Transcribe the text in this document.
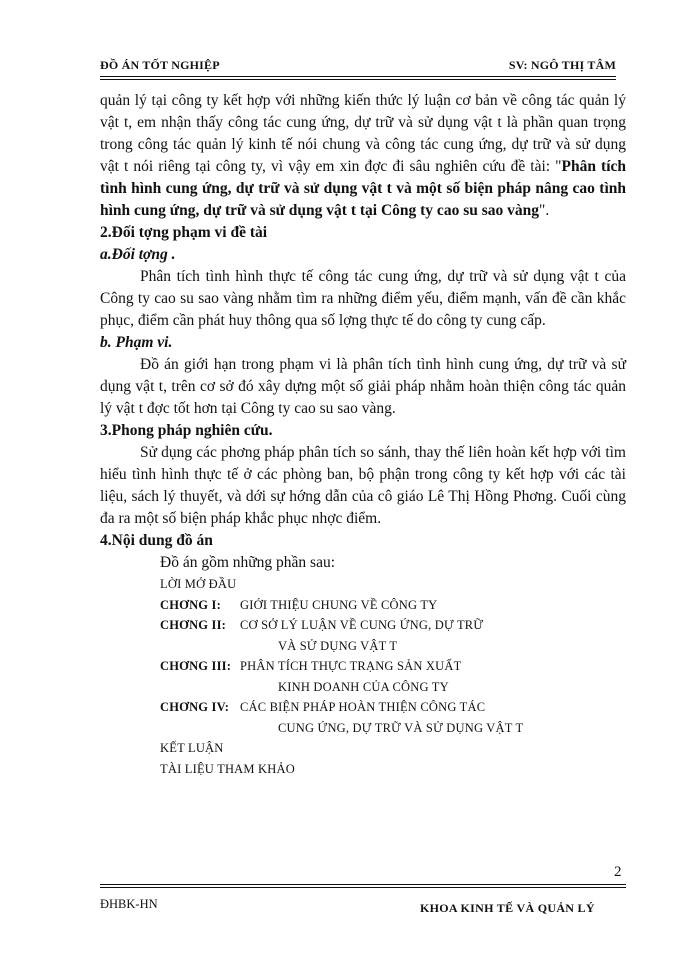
ĐỒ ÁN TỐT NGHIỆP	SV: NGÔ THỊ TÂM

quản lý tại công ty kết hợp với những kiến thức lý luận cơ bản về công tác quản lý vật t, em nhận thấy công tác cung ứng, dự trữ và sử dụng vật t là phần quan trọng trong công tác quản lý kinh tế nói chung và công tác cung ứng, dự trữ và sử dụng vật t nói riêng tại công ty, vì vậy em xin đợc đi sâu nghiên cứu đề tài: "Phân tích tình hình cung ứng, dự trữ và sử dụng vật t và một số biện pháp nâng cao tình hình cung ứng, dự trữ và sử dụng vật t tại Công ty cao su sao vàng".

2.Đối tợng phạm vi đề tài

a.Đối tợng .

Phân tích tình hình thực tế công tác cung ứng, dự trữ và sử dụng vật t của Công ty cao su sao vàng nhằm tìm ra những điểm yếu, điểm mạnh, vấn đề cần khắc phục, điểm cần phát huy thông qua số lợng thực tế do công ty cung cấp.

b. Phạm vi.

Đồ án giới hạn trong phạm vi là phân tích tình hình cung ứng, dự trữ và sử dụng vật t, trên cơ sở đó xây dựng một số giải pháp nhằm hoàn thiện công tác quản lý vật t đợc tốt hơn tại Công ty cao su sao vàng.

3.Phong pháp nghiên cứu.

Sử dụng các phơng pháp phân tích so sánh, thay thế liên hoàn kết hợp với tìm hiểu tình hình thực tế ở các phòng ban, bộ phận trong công ty kết hợp với các tài liệu, sách lý thuyết, và dới sự hớng dẫn của cô giáo Lê Thị Hồng Phơng. Cuối cùng đa ra một số biện pháp khắc phục nhợc điểm.

4.Nội dung đồ án

Đồ án gồm những phần sau:

LỜI MỞ ĐẦU

CHƠNG I: GIỚI THIỆU CHUNG VỀ CÔNG TY

CHƠNG II: CƠ SỞ LÝ LUẬN VỀ CUNG ỨNG, DỰ TRỮ

VÀ SỬ DỤNG VẬT T

CHƠNG III: PHÂN TÍCH THỰC TRẠNG SẢN XUẤT

KINH DOANH CỦA CÔNG TY

CHƠNG IV: CÁC BIỆN PHÁP HOÀN THIỆN CÔNG TÁC

CUNG ỨNG, DỰ TRỮ VÀ SỬ DỤNG VẬT T

KẾT LUẬN

TÀI LIỆU THAM KHẢO

2
ĐHBK-HN	KHOA KINH TẾ VÀ QUẢN LÝ
